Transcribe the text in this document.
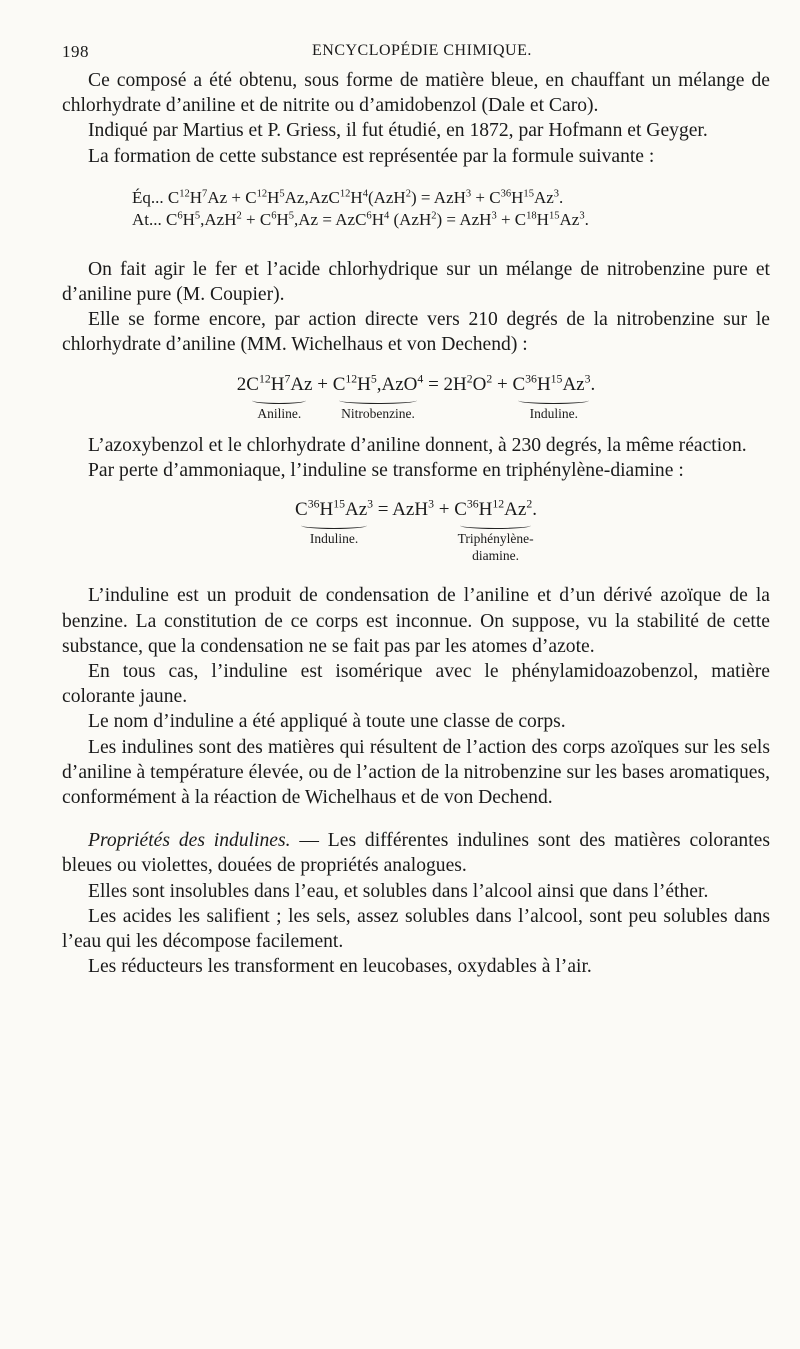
198	ENCYCLOPÉDIE CHIMIQUE.

Ce composé a été obtenu, sous forme de matière bleue, en chauffant un mélange de chlorhydrate d’aniline et de nitrite ou d’amidobenzol (Dale et Caro).

Indiqué par Martius et P. Griess, il fut étudié, en 1872, par Hofmann et Geyger.

La formation de cette substance est représentée par la formule suivante :

Éq... $C^{12}H^7Az + C^{12}H^5Az,AzC^{12}H^4(AzH^2) = AzH^3 + C^{36}H^{15}Az^3$.
At... $C^6H^5,AzH^2 + C^6H^5,Az = AzC^6H^4$ $(AzH^2) = AzH^3 + C^{18}H^{15}Az^3$.

On fait agir le fer et l’acide chlorhydrique sur un mélange de nitrobenzine pure et d’aniline pure (M. Coupier).

Elle se forme encore, par action directe vers 210 degrés de la nitrobenzine sur le chlorhydrate d’aniline (MM. Wichelhaus et von Dechend) :

$2C^{12}H^7Az$
Aniline.
+ $C^{12}H^5,AzO^4$
Nitrobenzine.
= $2H^2O^2 + C^{36}H^{15}Az^3$.
Induline.

L’azoxybenzol et le chlorhydrate d’aniline donnent, à 230 degrés, la même réaction.

Par perte d’ammoniaque, l’induline se transforme en triphénylène-diamine :

$C^{36}H^{15}Az^3$
Induline.
= $AzH^3 + C^{36}H^{12}Az^2$.
Triphénylène-
diamine.

L’induline est un produit de condensation de l’aniline et d’un dérivé azoïque de la benzine. La constitution de ce corps est inconnue. On suppose, vu la stabilité de cette substance, que la condensation ne se fait pas par les atomes d’azote.

En tous cas, l’induline est isomérique avec le phénylamidoazobenzol, matière colorante jaune.

Le nom d’induline a été appliqué à toute une classe de corps.

Les indulines sont des matières qui résultent de l’action des corps azoïques sur les sels d’aniline à température élevée, ou de l’action de la nitrobenzine sur les bases aromatiques, conformément à la réaction de Wichelhaus et de von Dechend.

Propriétés des indulines. — Les différentes indulines sont des matières colorantes bleues ou violettes, douées de propriétés analogues.

Elles sont insolubles dans l’eau, et solubles dans l’alcool ainsi que dans l’éther.

Les acides les salifient ; les sels, assez solubles dans l’alcool, sont peu solubles dans l’eau qui les décompose facilement.

Les réducteurs les transforment en leucobases, oxydables à l’air.
